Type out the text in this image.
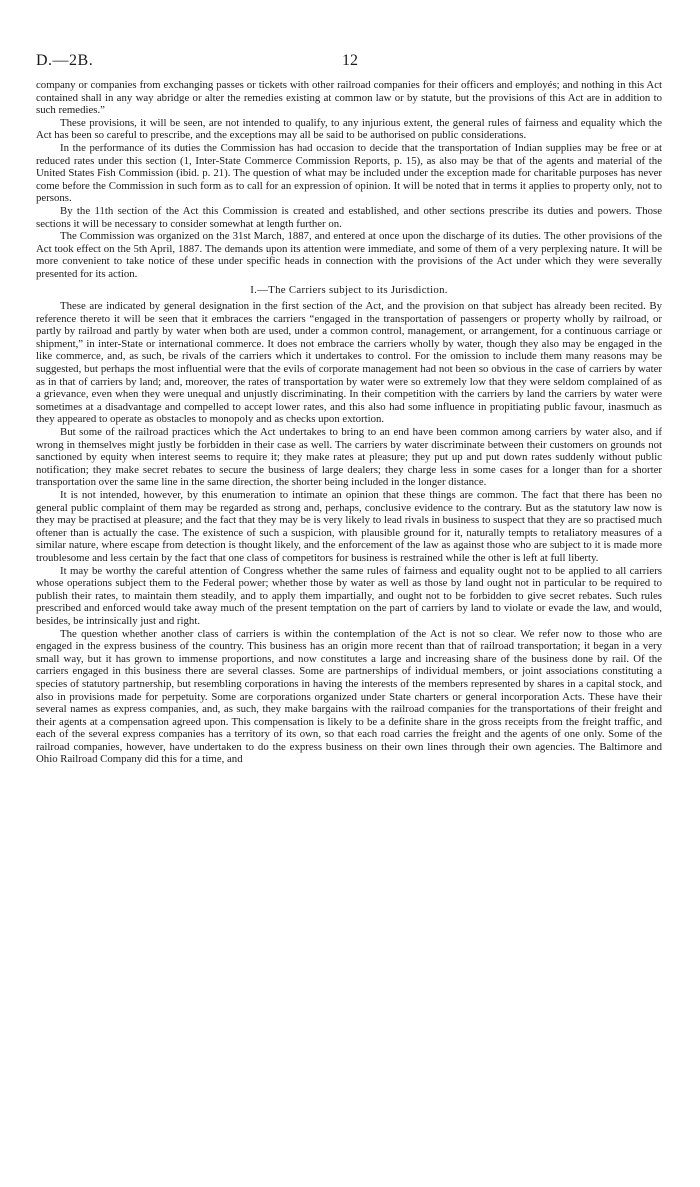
D.—2B.	12

company or companies from exchanging passes or tickets with other railroad companies for their officers and employés; and nothing in this Act contained shall in any way abridge or alter the remedies existing at common law or by statute, but the provisions of this Act are in addition to such remedies.”

These provisions, it will be seen, are not intended to qualify, to any injurious extent, the general rules of fairness and equality which the Act has been so careful to prescribe, and the exceptions may all be said to be authorised on public considerations.

In the performance of its duties the Commission has had occasion to decide that the transportation of Indian supplies may be free or at reduced rates under this section (1, Inter-State Commerce Commission Reports, p. 15), as also may be that of the agents and material of the United States Fish Commission (ibid. p. 21). The question of what may be included under the exception made for charitable purposes has never come before the Commission in such form as to call for an expression of opinion. It will be noted that in terms it applies to property only, not to persons.

By the 11th section of the Act this Commission is created and established, and other sections prescribe its duties and powers. Those sections it will be necessary to consider somewhat at length further on.

The Commission was organized on the 31st March, 1887, and entered at once upon the discharge of its duties. The other provisions of the Act took effect on the 5th April, 1887. The demands upon its attention were immediate, and some of them of a very perplexing nature. It will be more convenient to take notice of these under specific heads in connection with the provisions of the Act under which they were severally presented for its action.

I.—The Carriers subject to its Jurisdiction.

These are indicated by general designation in the first section of the Act, and the provision on that subject has already been recited. By reference thereto it will be seen that it embraces the carriers “engaged in the transportation of passengers or property wholly by railroad, or partly by railroad and partly by water when both are used, under a common control, management, or arrangement, for a continuous carriage or shipment,” in inter-State or international commerce. It does not embrace the carriers wholly by water, though they also may be engaged in the like commerce, and, as such, be rivals of the carriers which it undertakes to control. For the omission to include them many reasons may be suggested, but perhaps the most influential were that the evils of corporate management had not been so obvious in the case of carriers by water as in that of carriers by land; and, moreover, the rates of transportation by water were so extremely low that they were seldom complained of as a grievance, even when they were unequal and unjustly discriminating. In their competition with the carriers by land the carriers by water were sometimes at a disadvantage and compelled to accept lower rates, and this also had some influence in propitiating public favour, inasmuch as they appeared to operate as obstacles to monopoly and as checks upon extortion.

But some of the railroad practices which the Act undertakes to bring to an end have been common among carriers by water also, and if wrong in themselves might justly be forbidden in their case as well. The carriers by water discriminate between their customers on grounds not sanctioned by equity when interest seems to require it; they make rates at pleasure; they put up and put down rates suddenly without public notification; they make secret rebates to secure the business of large dealers; they charge less in some cases for a longer than for a shorter transportation over the same line in the same direction, the shorter being included in the longer distance.

It is not intended, however, by this enumeration to intimate an opinion that these things are common. The fact that there has been no general public complaint of them may be regarded as strong and, perhaps, conclusive evidence to the contrary. But as the statutory law now is they may be practised at pleasure; and the fact that they may be is very likely to lead rivals in business to suspect that they are so practised much oftener than is actually the case. The existence of such a suspicion, with plausible ground for it, naturally tempts to retaliatory measures of a similar nature, where escape from detection is thought likely, and the enforcement of the law as against those who are subject to it is made more troublesome and less certain by the fact that one class of competitors for business is restrained while the other is left at full liberty.

It may be worthy the careful attention of Congress whether the same rules of fairness and equality ought not to be applied to all carriers whose operations subject them to the Federal power; whether those by water as well as those by land ought not in particular to be required to publish their rates, to maintain them steadily, and to apply them impartially, and ought not to be forbidden to give secret rebates. Such rules prescribed and enforced would take away much of the present temptation on the part of carriers by land to violate or evade the law, and would, besides, be intrinsically just and right.

The question whether another class of carriers is within the contemplation of the Act is not so clear. We refer now to those who are engaged in the express business of the country. This business has an origin more recent than that of railroad transportation; it began in a very small way, but it has grown to immense proportions, and now constitutes a large and increasing share of the business done by rail. Of the carriers engaged in this business there are several classes. Some are partnerships of individual members, or joint associations constituting a species of statutory partnership, but resembling corporations in having the interests of the members represented by shares in a capital stock, and also in provisions made for perpetuity. Some are corporations organized under State charters or general incorporation Acts. These have their several names as express companies, and, as such, they make bargains with the railroad companies for the transportations of their freight and their agents at a compensation agreed upon. This compensation is likely to be a definite share in the gross receipts from the freight traffic, and each of the several express companies has a territory of its own, so that each road carries the freight and the agents of one only. Some of the railroad companies, however, have undertaken to do the express business on their own lines through their own agencies. The Baltimore and Ohio Railroad Company did this for a time, and
